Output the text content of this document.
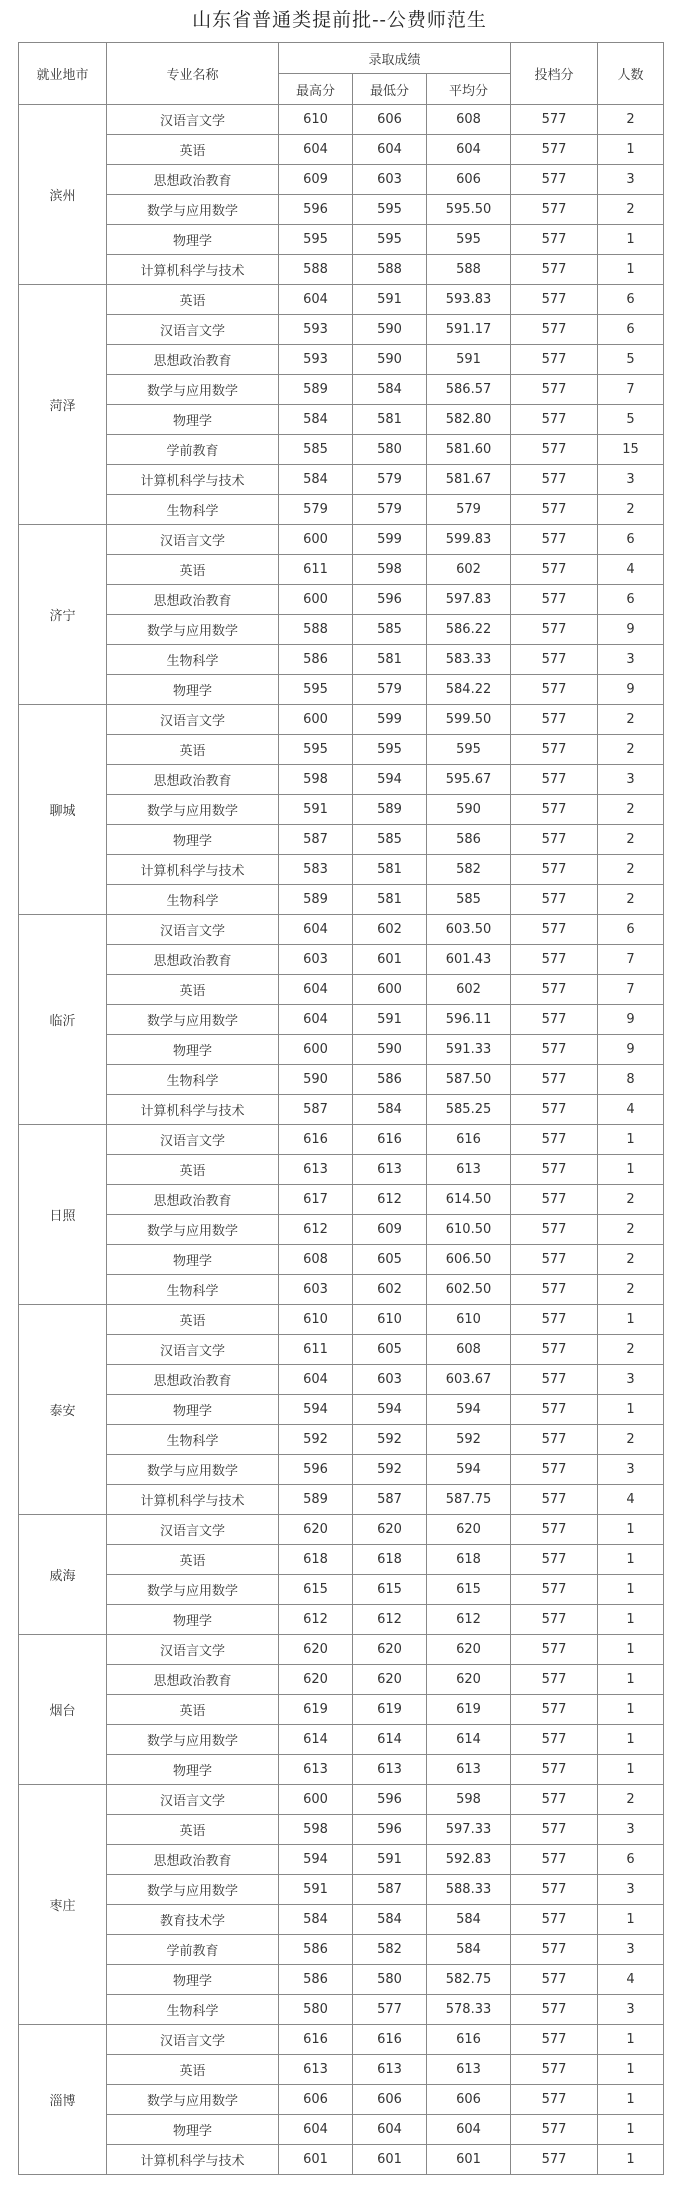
山东省普通类提前批--公费师范生
就业地市	专业名称	录取成绩			投档分	人数
		最高分	最低分	平均分		
滨州	汉语言文学	610	606	608	577	2
	英语	604	604	604	577	1
	思想政治教育	609	603	606	577	3
	数学与应用数学	596	595	595.50	577	2
	物理学	595	595	595	577	1
	计算机科学与技术	588	588	588	577	1
菏泽	英语	604	591	593.83	577	6
	汉语言文学	593	590	591.17	577	6
	思想政治教育	593	590	591	577	5
	数学与应用数学	589	584	586.57	577	7
	物理学	584	581	582.80	577	5
	学前教育	585	580	581.60	577	15
	计算机科学与技术	584	579	581.67	577	3
	生物科学	579	579	579	577	2
济宁	汉语言文学	600	599	599.83	577	6
	英语	611	598	602	577	4
	思想政治教育	600	596	597.83	577	6
	数学与应用数学	588	585	586.22	577	9
	生物科学	586	581	583.33	577	3
	物理学	595	579	584.22	577	9
聊城	汉语言文学	600	599	599.50	577	2
	英语	595	595	595	577	2
	思想政治教育	598	594	595.67	577	3
	数学与应用数学	591	589	590	577	2
	物理学	587	585	586	577	2
	计算机科学与技术	583	581	582	577	2
	生物科学	589	581	585	577	2
临沂	汉语言文学	604	602	603.50	577	6
	思想政治教育	603	601	601.43	577	7
	英语	604	600	602	577	7
	数学与应用数学	604	591	596.11	577	9
	物理学	600	590	591.33	577	9
	生物科学	590	586	587.50	577	8
	计算机科学与技术	587	584	585.25	577	4
日照	汉语言文学	616	616	616	577	1
	英语	613	613	613	577	1
	思想政治教育	617	612	614.50	577	2
	数学与应用数学	612	609	610.50	577	2
	物理学	608	605	606.50	577	2
	生物科学	603	602	602.50	577	2
泰安	英语	610	610	610	577	1
	汉语言文学	611	605	608	577	2
	思想政治教育	604	603	603.67	577	3
	物理学	594	594	594	577	1
	生物科学	592	592	592	577	2
	数学与应用数学	596	592	594	577	3
	计算机科学与技术	589	587	587.75	577	4
威海	汉语言文学	620	620	620	577	1
	英语	618	618	618	577	1
	数学与应用数学	615	615	615	577	1
	物理学	612	612	612	577	1
烟台	汉语言文学	620	620	620	577	1
	思想政治教育	620	620	620	577	1
	英语	619	619	619	577	1
	数学与应用数学	614	614	614	577	1
	物理学	613	613	613	577	1
枣庄	汉语言文学	600	596	598	577	2
	英语	598	596	597.33	577	3
	思想政治教育	594	591	592.83	577	6
	数学与应用数学	591	587	588.33	577	3
	教育技术学	584	584	584	577	1
	学前教育	586	582	584	577	3
	物理学	586	580	582.75	577	4
	生物科学	580	577	578.33	577	3
淄博	汉语言文学	616	616	616	577	1
	英语	613	613	613	577	1
	数学与应用数学	606	606	606	577	1
	物理学	604	604	604	577	1
	计算机科学与技术	601	601	601	577	1
